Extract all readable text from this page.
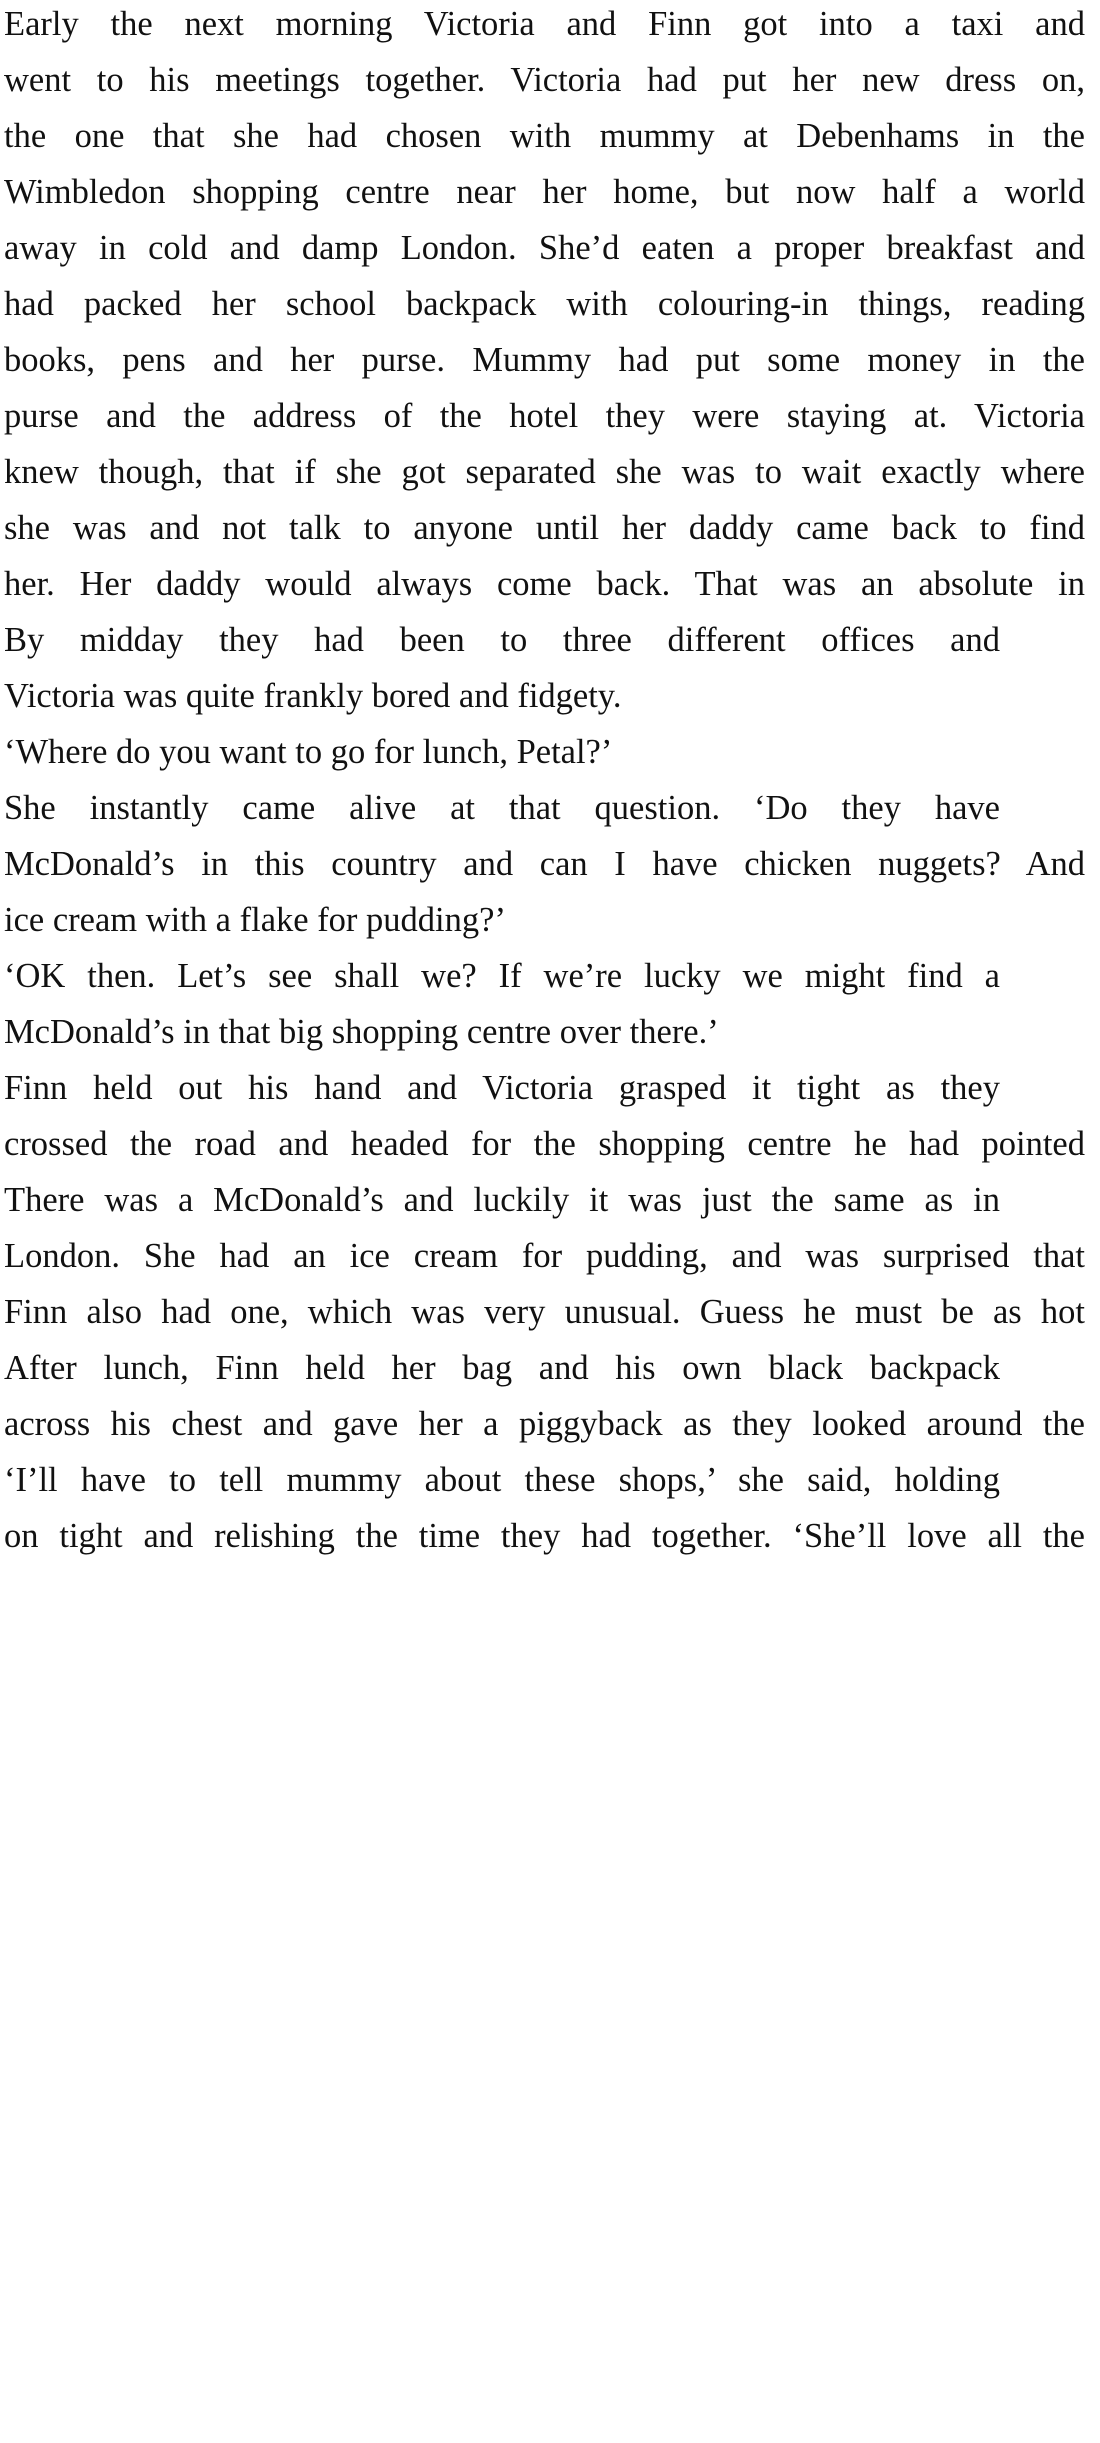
Early the next morning Victoria and Finn got into a taxi and

went to his meetings together. Victoria had put her new dress on,

the one that she had chosen with mummy at Debenhams in the

Wimbledon shopping centre near her home, but now half a world

away in cold and damp London. She’d eaten a proper breakfast and

had packed her school backpack with colouring-in things, reading

books, pens and her purse. Mummy had put some money in the

purse and the address of the hotel they were staying at. Victoria

knew though, that if she got separated she was to wait exactly where

she was and not talk to anyone until her daddy came back to find

her. Her daddy would always come back. That was an absolute in

By midday they had been to three different offices and

Victoria was quite frankly bored and fidgety.

‘Where do you want to go for lunch, Petal?’

She instantly came alive at that question. ‘Do they have

McDonald’s in this country and can I have chicken nuggets? And

ice cream with a flake for pudding?’

‘OK then. Let’s see shall we? If we’re lucky we might find a

McDonald’s in that big shopping centre over there.’

Finn held out his hand and Victoria grasped it tight as they

crossed the road and headed for the shopping centre he had pointed

There was a McDonald’s and luckily it was just the same as in

London. She had an ice cream for pudding, and was surprised that

Finn also had one, which was very unusual. Guess he must be as hot

After lunch, Finn held her bag and his own black backpack

across his chest and gave her a piggyback as they looked around the

‘I’ll have to tell mummy about these shops,’ she said, holding

on tight and relishing the time they had together. ‘She’ll love all the
